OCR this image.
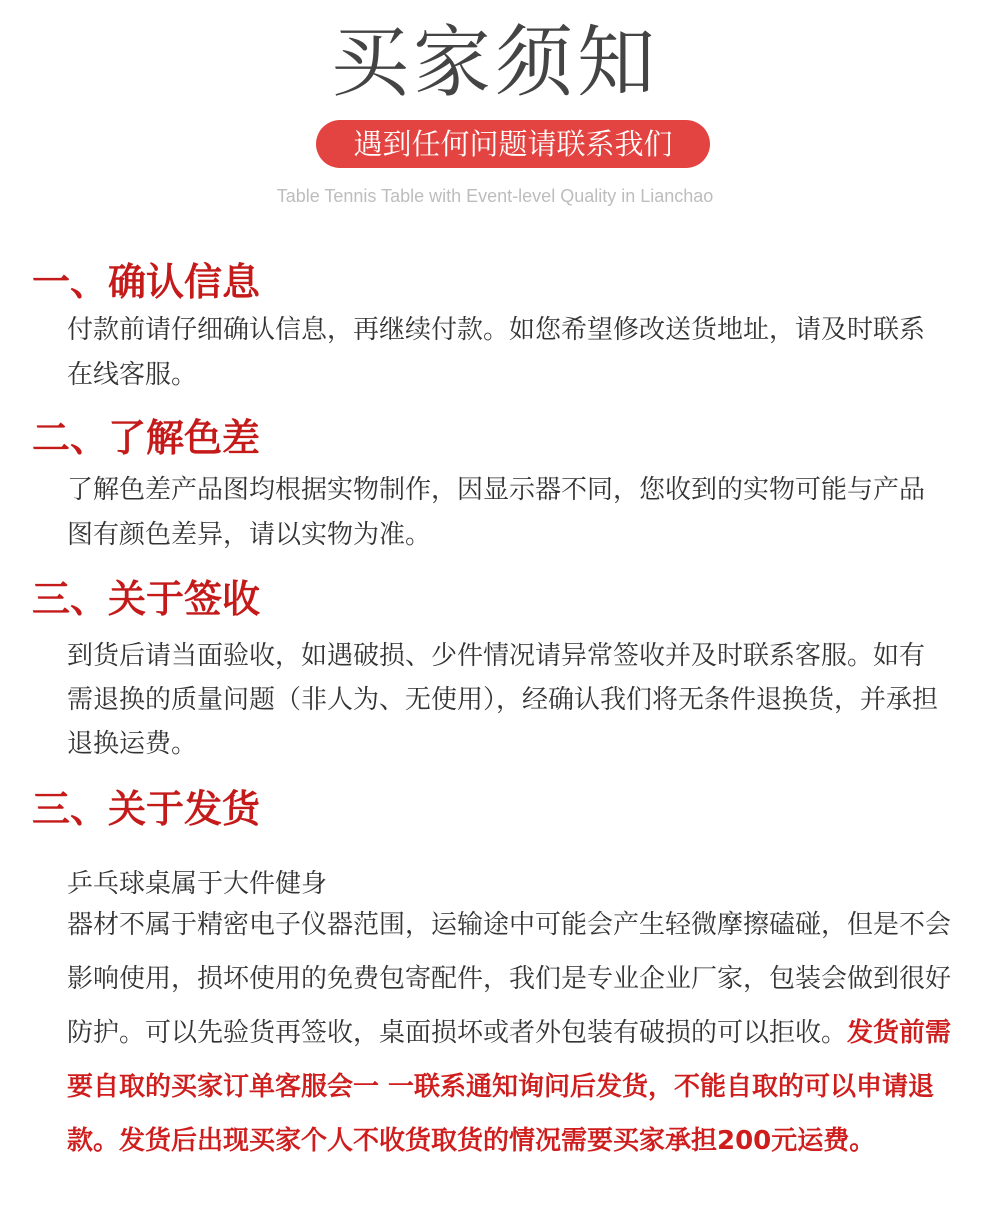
买家须知
遇到任何问题请联系我们
Table Tennis Table with Event-level Quality in Lianchao
一、确认信息

付款前请仔细确认信息，再继续付款。如您希望修改送货地址，请及时联系在线客服。

二、了解色差

了解色差产品图均根据实物制作，因显示器不同，您收到的实物可能与产品图有颜色差异，请以实物为准。

三、关于签收

到货后请当面验收，如遇破损、少件情况请异常签收并及时联系客服。如有需退换的质量问题（非人为、无使用），经确认我们将无条件退换货，并承担退换运费。

三、关于发货

乒乓球桌属于大件健身

器材不属于精密电子仪器范围，运输途中可能会产生轻微摩擦磕碰，但是不会影响使用，损坏使用的免费包寄配件，我们是专业企业厂家，包装会做到很好防护。可以先验货再签收，桌面损坏或者外包装有破损的可以拒收。发货前需要自取的买家订单客服会一 一联系通知询问后发货，不能自取的可以申请退款。发货后出现买家个人不收货取货的情况需要买家承担200元运费。
